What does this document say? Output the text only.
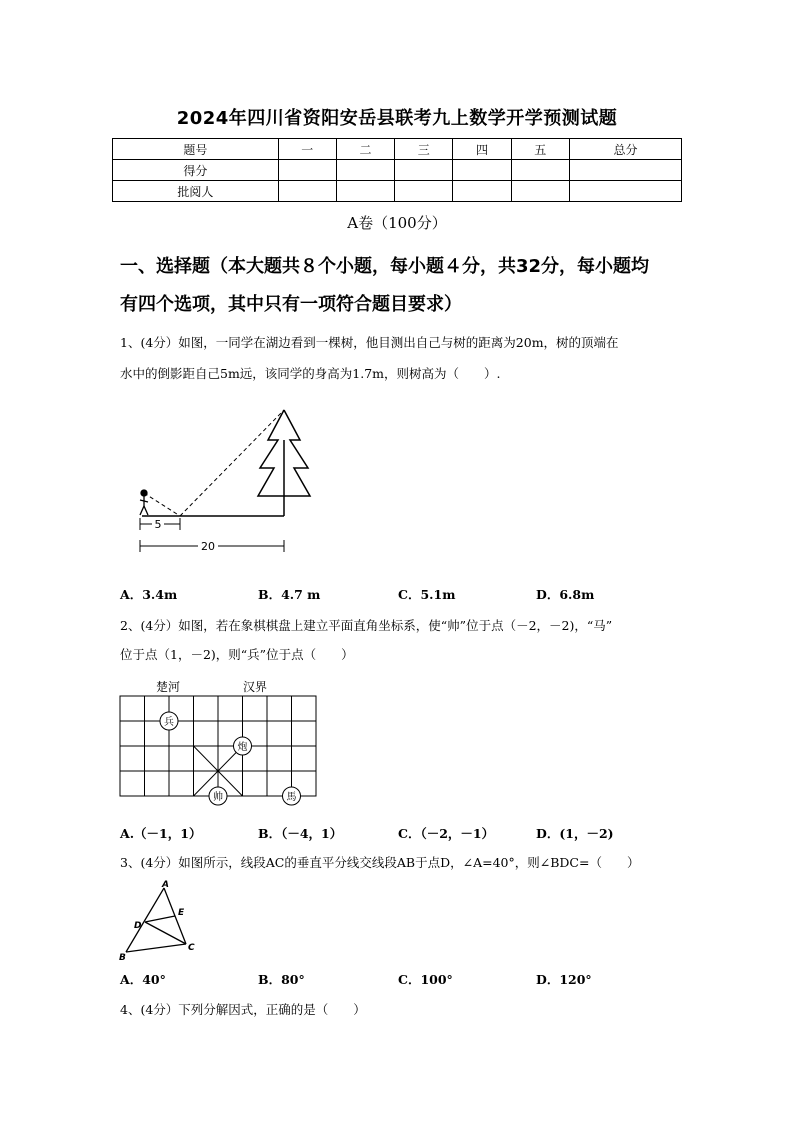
2024年四川省资阳安岳县联考九上数学开学预测试题
题号	一	二	三	四	五	总分
得分						
批阅人						
A卷（100分）
一、选择题（本大题共８个小题，每小题４分，共32分，每小题均
有四个选项，其中只有一项符合题目要求）
1、(4分）如图，一同学在湖边看到一棵树，他目测出自己与树的距离为20m，树的顶端在
水中的倒影距自己5m远，该同学的身高为1.7m，则树高为（　　）.
5
20
A．3.4m	B．4.7 m	C．5.1m	D．6.8m
2、(4分）如图，若在象棋棋盘上建立平面直角坐标系，使“帅”位于点（－2，－2)，“马”
位于点（1，－2)，则“兵”位于点（　　）
楚河	汉界
兵
炮
帅	馬
A.（－1，1）	B．（－4，1）	C．（－2，－1）	D．(1，－2)
3、(4分）如图所示，线段AC的垂直平分线交线段AB于点D，∠A=40°，则∠BDC=（　　）
A
E
D
B
C
A．40°	B．80°	C．100°	D．120°
4、(4分）下列分解因式，正确的是（　　）
